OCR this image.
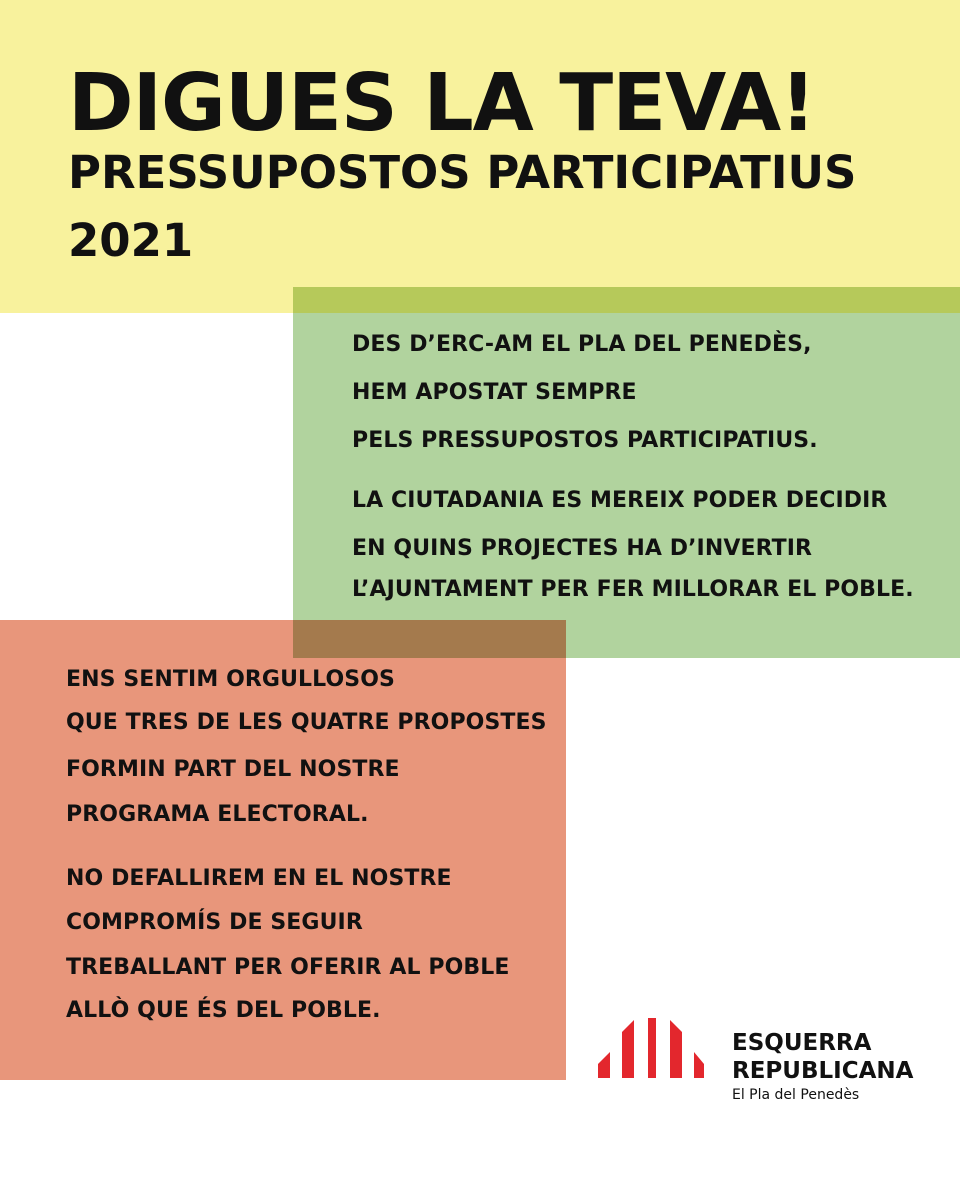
DIGUES LA TEVA!
PRESSUPOSTOS PARTICIPATIUS
2021
DES D’ERC-AM EL PLA DEL PENEDÈS,
HEM APOSTAT SEMPRE
PELS PRESSUPOSTOS PARTICIPATIUS.
LA CIUTADANIA ES MEREIX PODER DECIDIR
EN QUINS PROJECTES HA D’INVERTIR
L’AJUNTAMENT PER FER MILLORAR EL POBLE.
ENS SENTIM ORGULLOSOS
QUE TRES DE LES QUATRE PROPOSTES
FORMIN PART DEL NOSTRE
PROGRAMA ELECTORAL.
NO DEFALLIREM EN EL NOSTRE
COMPROMÍS DE SEGUIR
TREBALLANT PER OFERIR AL POBLE
ALLÒ QUE ÉS DEL POBLE.
ESQUERRA
REPUBLICANA
El Pla del Penedès
